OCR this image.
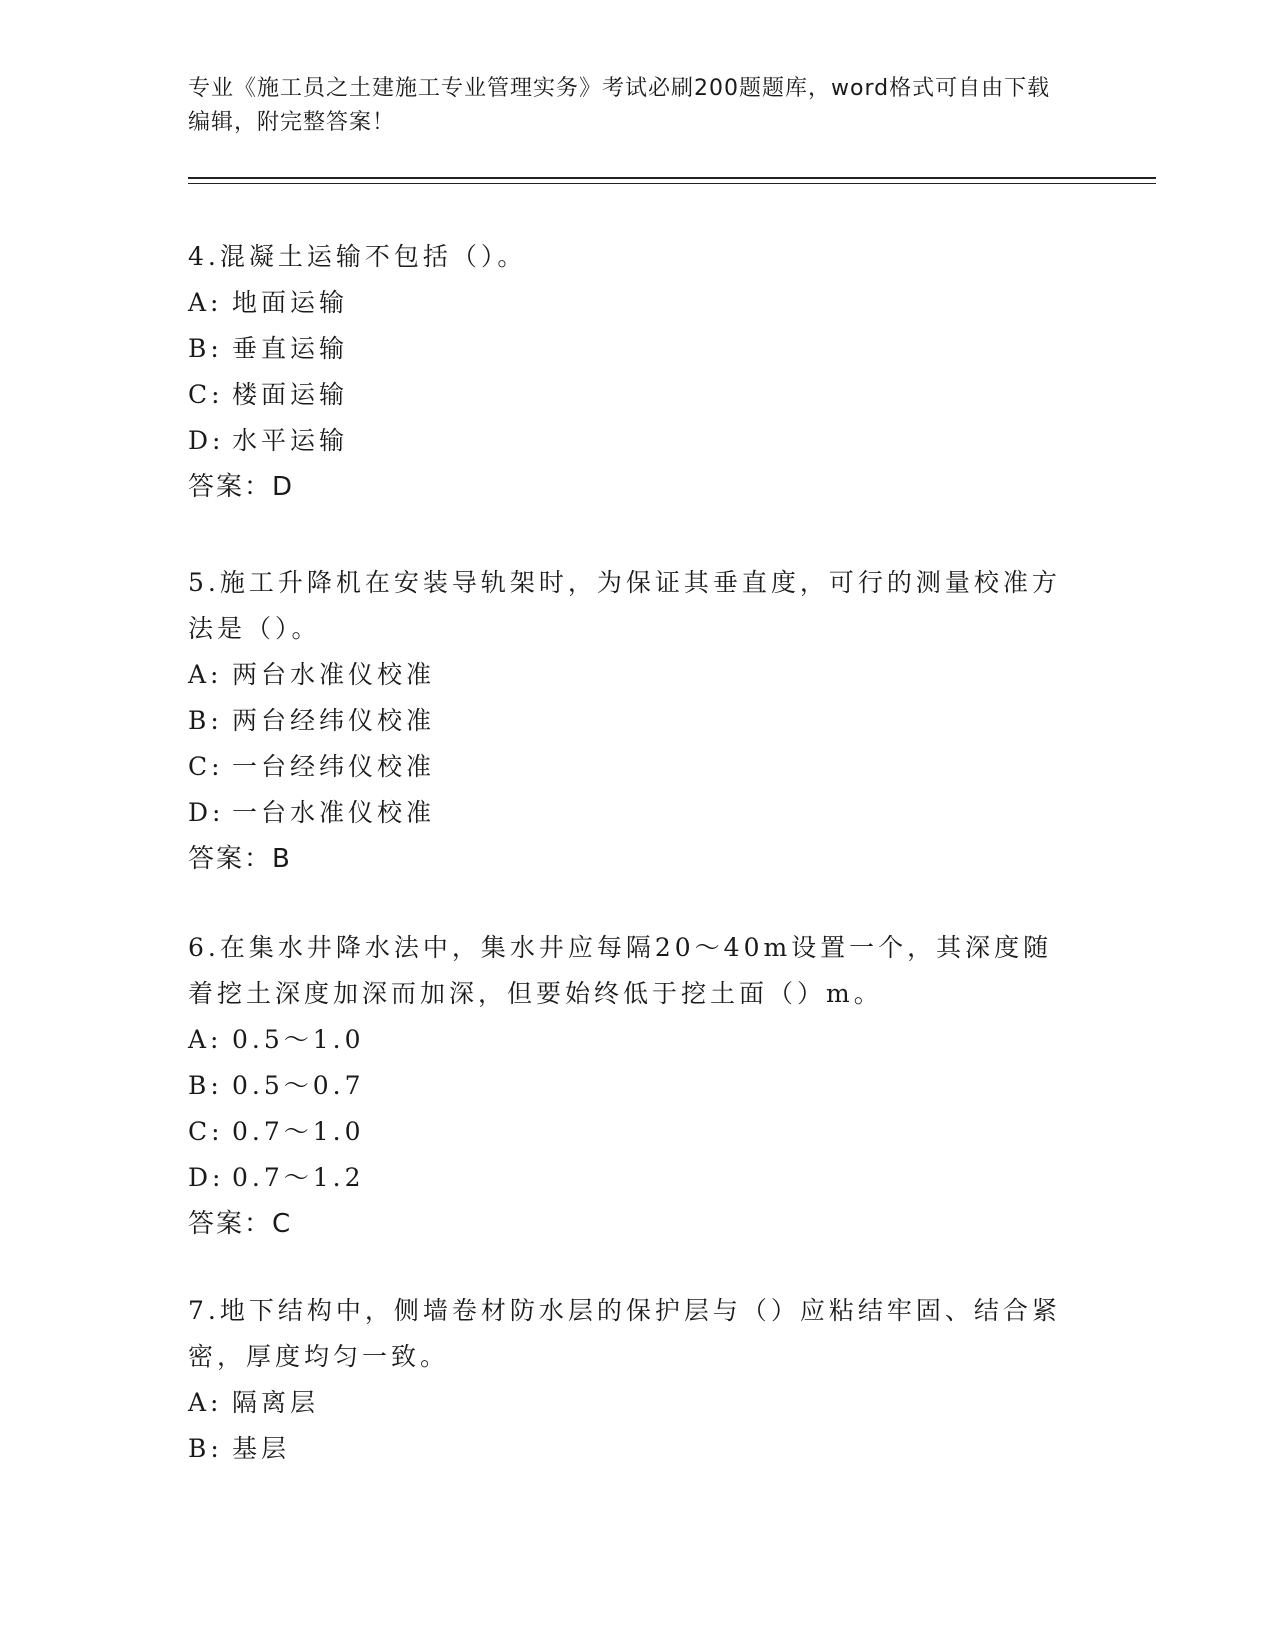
专业《施工员之土建施工专业管理实务》考试必刷200题题库，word格式可自由下载编辑，附完整答案！

4.混凝土运输不包括（）。

A: 地面运输

B: 垂直运输

C: 楼面运输

D: 水平运输

答案：D

5.施工升降机在安装导轨架时，为保证其垂直度，可行的测量校准方法是（）。

A: 两台水准仪校准

B: 两台经纬仪校准

C: 一台经纬仪校准

D: 一台水准仪校准

答案：B

6.在集水井降水法中，集水井应每隔20～40m设置一个，其深度随着挖土深度加深而加深，但要始终低于挖土面（）m。

A: 0.5～1.0

B: 0.5～0.7

C: 0.7～1.0

D: 0.7～1.2

答案：C

7.地下结构中，侧墙卷材防水层的保护层与（）应粘结牢固、结合紧密，厚度均匀一致。

A: 隔离层

B: 基层
